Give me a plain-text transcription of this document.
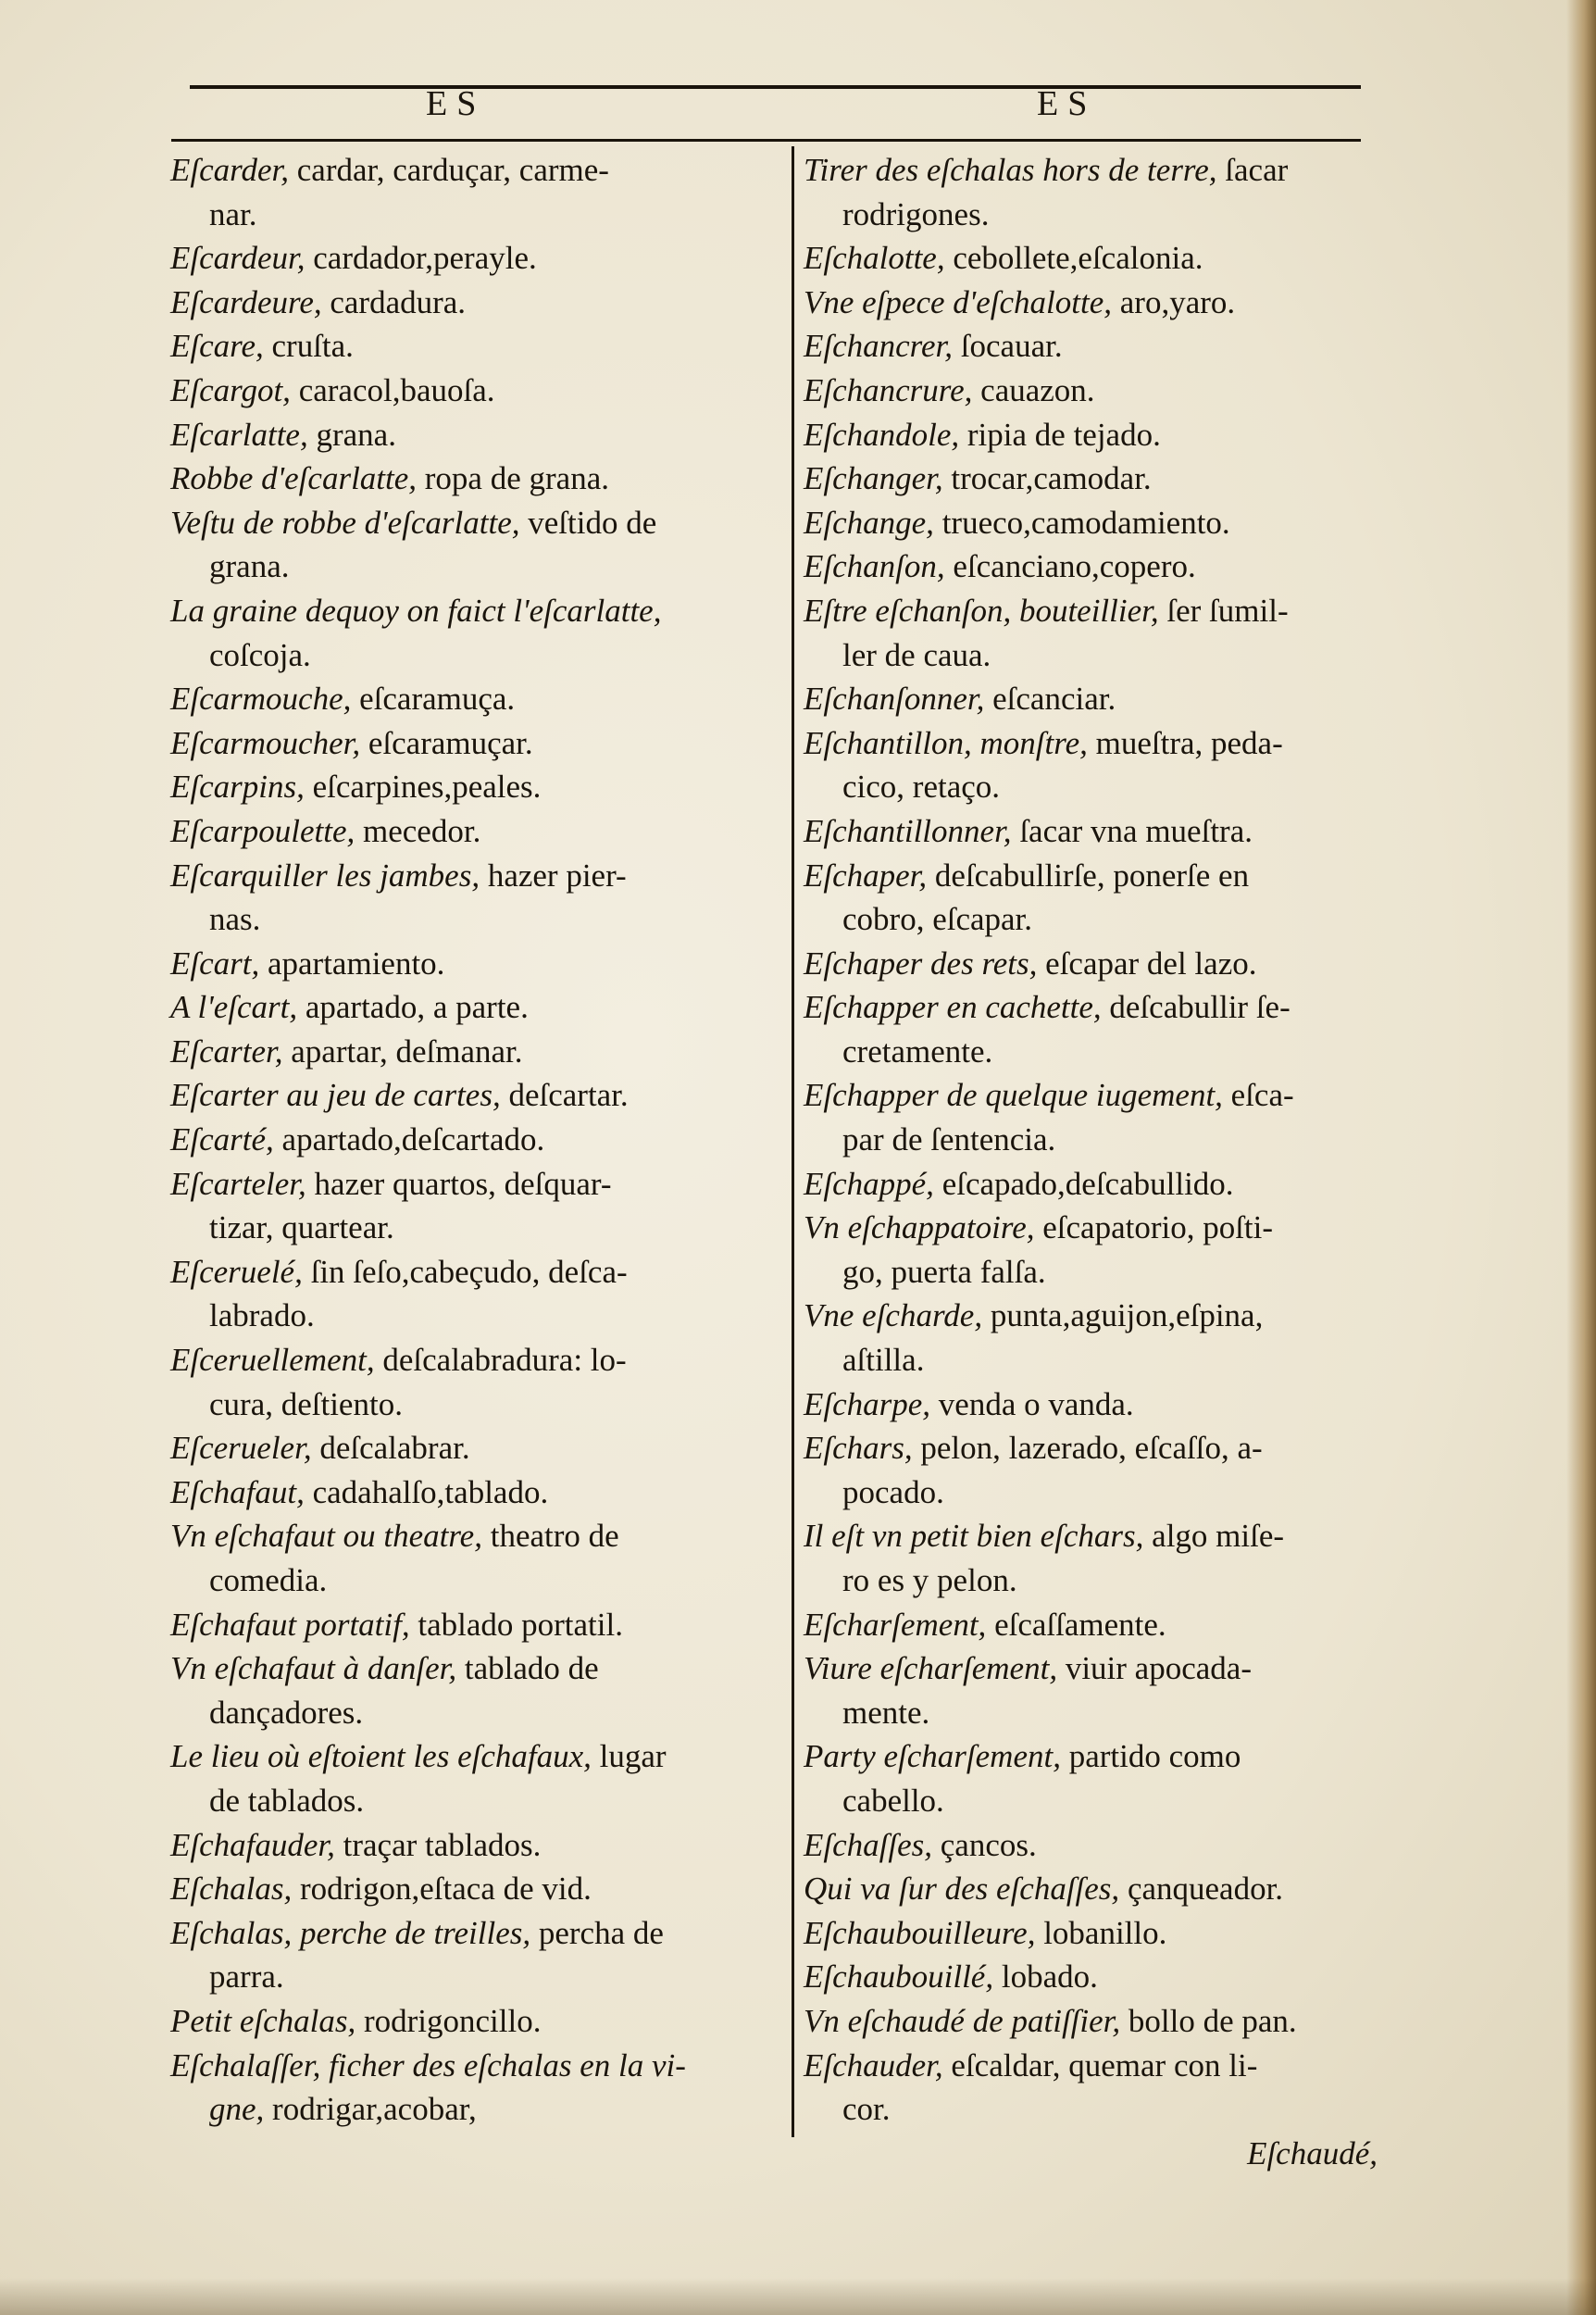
ES	ES
Eſcarder, cardar, carduçar, carme-
nar.
Eſcardeur, cardador,perayle.
Eſcardeure, cardadura.
Eſcare, cruſta.
Eſcargot, caracol,bauoſa.
Eſcarlatte, grana.
Robbe d'eſcarlatte, ropa de grana.
Veſtu de robbe d'eſcarlatte, veſtido de
grana.
La graine dequoy on faict l'eſcarlatte,
coſcoja.
Eſcarmouche, eſcaramuça.
Eſcarmoucher, eſcaramuçar.
Eſcarpins, eſcarpines,peales.
Eſcarpoulette, mecedor.
Eſcarquiller les jambes, hazer pier-
nas.
Eſcart, apartamiento.
A l'eſcart, apartado, a parte.
Eſcarter, apartar, deſmanar.
Eſcarter au jeu de cartes, deſcartar.
Eſcarté, apartado,deſcartado.
Eſcarteler, hazer quartos, deſquar-
tizar, quartear.
Eſceruelé, ſin ſeſo,cabeçudo, deſca-
labrado.
Eſceruellement, deſcalabradura: lo-
cura, deſtiento.
Eſcerueler, deſcalabrar.
Eſchafaut, cadahalſo,tablado.
Vn eſchafaut ou theatre, theatro de
comedia.
Eſchafaut portatif, tablado portatil.
Vn eſchafaut à danſer, tablado de
dançadores.
Le lieu où eſtoient les eſchafaux, lugar
de tablados.
Eſchafauder, traçar tablados.
Eſchalas, rodrigon,eſtaca de vid.
Eſchalas, perche de treilles, percha de
parra.
Petit eſchalas, rodrigoncillo.
Eſchalaſſer, ficher des eſchalas en la vi-
gne, rodrigar,acobar,
Tirer des eſchalas hors de terre, ſacar
rodrigones.
Eſchalotte, cebollete,eſcalonia.
Vne eſpece d'eſchalotte, aro,yaro.
Eſchancrer, ſocauar.
Eſchancrure, cauazon.
Eſchandole, ripia de tejado.
Eſchanger, trocar,camodar.
Eſchange, trueco,camodamiento.
Eſchanſon, eſcanciano,copero.
Eſtre eſchanſon, bouteillier, ſer ſumil-
ler de caua.
Eſchanſonner, eſcanciar.
Eſchantillon, monſtre, mueſtra, peda-
cico, retaço.
Eſchantillonner, ſacar vna mueſtra.
Eſchaper, deſcabullirſe, ponerſe en
cobro, eſcapar.
Eſchaper des rets, eſcapar del lazo.
Eſchapper en cachette, deſcabullir ſe-
cretamente.
Eſchapper de quelque iugement, eſca-
par de ſentencia.
Eſchappé, eſcapado,deſcabullido.
Vn eſchappatoire, eſcapatorio, poſti-
go, puerta falſa.
Vne eſcharde, punta,aguijon,eſpina,
aſtilla.
Eſcharpe, venda o vanda.
Eſchars, pelon, lazerado, eſcaſſo, a-
pocado.
Il eſt vn petit bien eſchars, algo miſe-
ro es y pelon.
Eſcharſement, eſcaſſamente.
Viure eſcharſement, viuir apocada-
mente.
Party eſcharſement, partido como
cabello.
Eſchaſſes, çancos.
Qui va ſur des eſchaſſes, çanqueador.
Eſchaubouilleure, lobanillo.
Eſchaubouillé, lobado.
Vn eſchaudé de patiſſier, bollo de pan.
Eſchauder, eſcaldar, quemar con li-
cor.
Eſchaudé,
